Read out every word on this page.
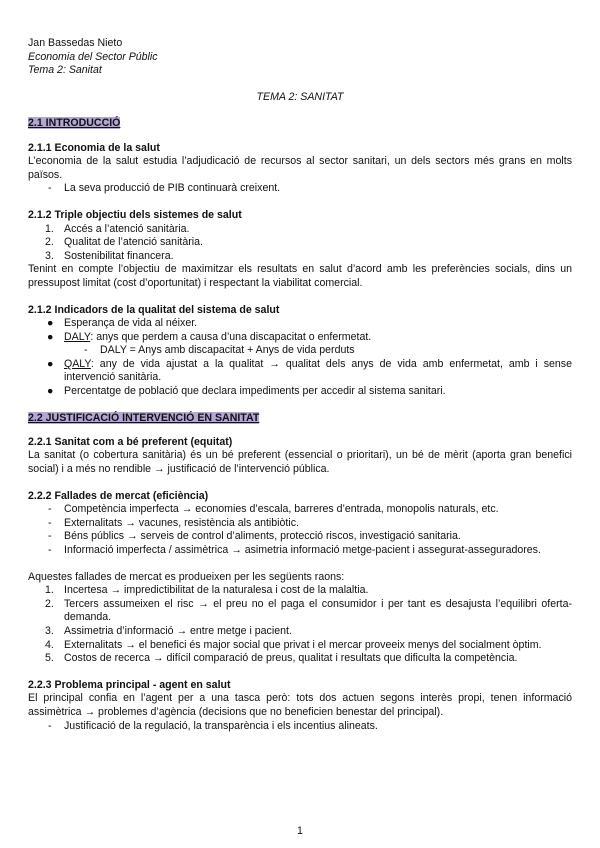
Jan Bassedas Nieto

Economia del Sector Públic

Tema 2: Sanitat

TEMA 2: SANITAT

2.1 INTRODUCCIÓ

2.1.1 Economia de la salut

L’economia de la salut estudia l’adjudicació de recursos al sector sanitari, un dels sectors més grans en molts països.

- La seva producció de PIB continuarà creixent.

2.1.2 Triple objectiu dels sistemes de salut

1. Accés a l’atenció sanitària.
2. Qualitat de l’atenció sanitària.
3. Sostenibilitat financera.

Tenint en compte l’objectiu de maximitzar els resultats en salut d’acord amb les preferències socials, dins un pressupost limitat (cost d’oportunitat) i respectant la viabilitat comercial.

2.1.2 Indicadors de la qualitat del sistema de salut

● Esperança de vida al néixer.
● DALY: anys que perdem a causa d’una discapacitat o enfermetat.
- DALY = Anys amb discapacitat + Anys de vida perduts
● QALY: any de vida ajustat a la qualitat → qualitat dels anys de vida amb enfermetat, amb i sense intervenció sanitària.
● Percentatge de població que declara impediments per accedir al sistema sanitari.

2.2 JUSTIFICACIÓ INTERVENCIÓ EN SANITAT

2.2.1 Sanitat com a bé preferent (equitat)

La sanitat (o cobertura sanitària) és un bé preferent (essencial o prioritari), un bé de mèrit (aporta gran benefici social) i a més no rendible → justificació de l’intervenció pública.

2.2.2 Fallades de mercat (eficiència)

- Competència imperfecta → economies d’escala, barreres d’entrada, monopolis naturals, etc.
- Externalitats → vacunes, resistència als antibiòtic.
- Béns públics → serveis de control d’aliments, protecció riscos, investigació sanitaria.
- Informació imperfecta / assimètrica → asimetria informació metge-pacient i assegurat-asseguradores.

Aquestes fallades de mercat es produeixen per les següents raons:

1. Incertesa → impredictibilitat de la naturalesa i cost de la malaltia.
2. Tercers assumeixen el risc → el preu no el paga el consumidor i per tant es desajusta l’equilibri oferta-demanda.
3. Assimetria d’informació → entre metge i pacient.
4. Externalitats → el benefici és major social que privat i el mercar proveeix menys del socialment òptim.
5. Costos de recerca → difícil comparació de preus, qualitat i resultats que dificulta la competència.

2.2.3 Problema principal - agent en salut

El principal confia en l’agent per a una tasca però: tots dos actuen segons interès propi, tenen informació assimètrica → problemes d’agència (decisions que no beneficien benestar del principal).

- Justificació de la regulació, la transparència i els incentius alineats.
1
